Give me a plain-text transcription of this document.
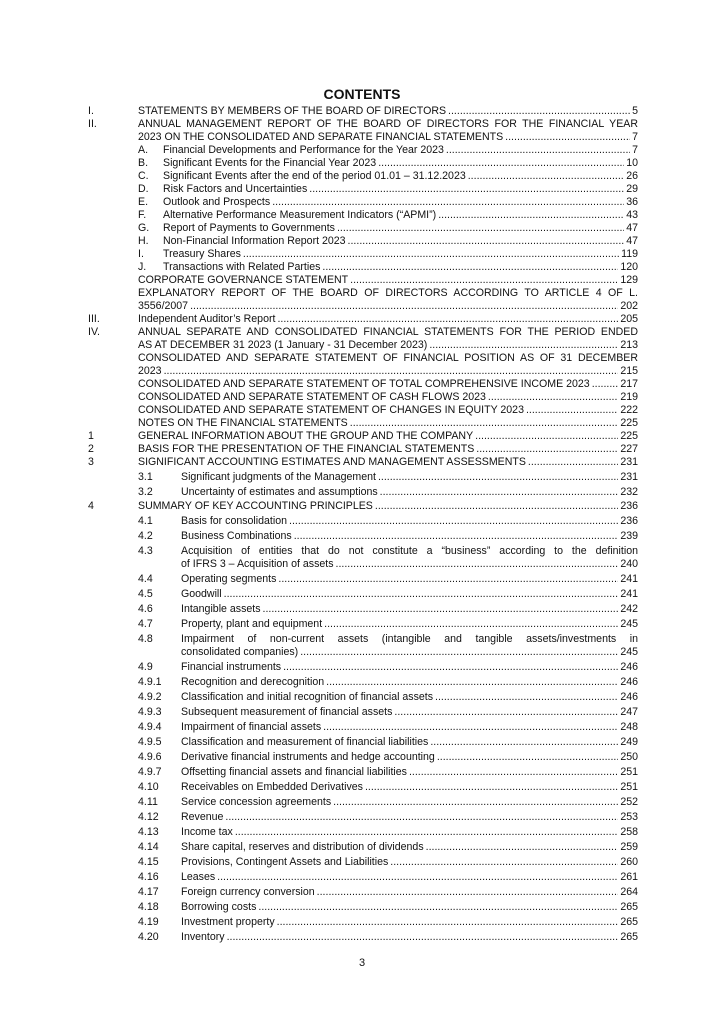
CONTENTS
I.	STATEMENTS BY MEMBERS OF THE BOARD OF DIRECTORS .....	5
II.	ANNUAL MANAGEMENT REPORT OF THE BOARD OF DIRECTORS FOR THE FINANCIAL YEAR
2023 ON THE CONSOLIDATED AND SEPARATE FINANCIAL STATEMENTS .....	7
A. Financial Developments and Performance for the Year 2023 .....	7
B. Significant Events for the Financial Year 2023 .....	10
C. Significant Events after the end of the period 01.01 – 31.12.2023 .....	26
D. Risk Factors and Uncertainties .....	29
E. Outlook and Prospects .....	36
F. Alternative Performance Measurement Indicators (“APMI”) .....	43
G. Report of Payments to Governments .....	47
H. Non-Financial Information Report 2023 .....	47
I. Treasury Shares .....	119
J. Transactions with Related Parties .....	120
CORPORATE GOVERNANCE STATEMENT .....	129
EXPLANATORY REPORT OF THE BOARD OF DIRECTORS ACCORDING TO ARTICLE 4 OF L.
3556/2007 .....	202
III.	Independent Auditor’s Report .....	205
IV.	ANNUAL SEPARATE AND CONSOLIDATED FINANCIAL STATEMENTS FOR THE PERIOD ENDED
AS AT DECEMBER 31 2023 (1 January - 31 December 2023) .....	213
CONSOLIDATED AND SEPARATE STATEMENT OF FINANCIAL POSITION AS OF 31 DECEMBER
2023 .....	215
CONSOLIDATED AND SEPARATE STATEMENT OF TOTAL COMPREHENSIVE INCOME 2023 .....	217
CONSOLIDATED AND SEPARATE STATEMENT OF CASH FLOWS 2023 .....	219
CONSOLIDATED AND SEPARATE STATEMENT OF CHANGES IN EQUITY 2023 .....	222
NOTES ON THE FINANCIAL STATEMENTS .....	225
1	GENERAL INFORMATION ABOUT THE GROUP AND THE COMPANY .....	225
2	BASIS FOR THE PRESENTATION OF THE FINANCIAL STATEMENTS .....	227
3	SIGNIFICANT ACCOUNTING ESTIMATES AND MANAGEMENT ASSESSMENTS .....	231
3.1	Significant judgments of the Management .....	231
3.2	Uncertainty of estimates and assumptions .....	232
4	SUMMARY OF KEY ACCOUNTING PRINCIPLES .....	236
4.1	Basis for consolidation .....	236
4.2	Business Combinations .....	239
4.3	Acquisition of entities that do not constitute a “business” according to the definition
of IFRS 3 – Acquisition of assets .....	240
4.4	Operating segments .....	241
4.5	Goodwill .....	241
4.6	Intangible assets .....	242
4.7	Property, plant and equipment .....	245
4.8	Impairment of non-current assets (intangible and tangible assets/investments in
consolidated companies) .....	245
4.9	Financial instruments .....	246
4.9.1 Recognition and derecognition .....	246
4.9.2 Classification and initial recognition of financial assets .....	246
4.9.3 Subsequent measurement of financial assets .....	247
4.9.4 Impairment of financial assets .....	248
4.9.5 Classification and measurement of financial liabilities .....	249
4.9.6 Derivative financial instruments and hedge accounting .....	250
4.9.7 Offsetting financial assets and financial liabilities .....	251
4.10 Receivables on Embedded Derivatives .....	251
4.11 Service concession agreements .....	252
4.12 Revenue .....	253
4.13 Income tax .....	258
4.14 Share capital, reserves and distribution of dividends .....	259
4.15 Provisions, Contingent Assets and Liabilities .....	260
4.16 Leases .....	261
4.17 Foreign currency conversion .....	264
4.18 Borrowing costs .....	265
4.19 Investment property .....	265
4.20 Inventory .....	265
3
